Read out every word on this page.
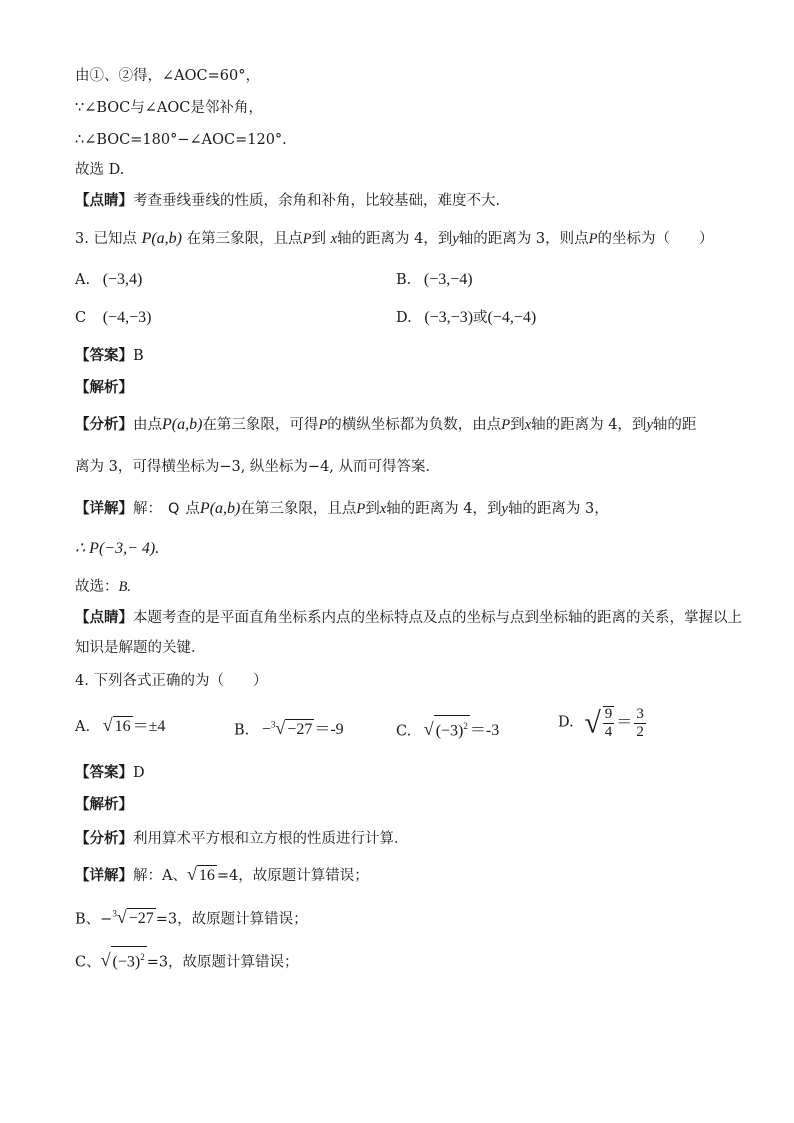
由①、②得，∠AOC=60°，
∵∠BOC与∠AOC是邻补角，
∴∠BOC=180°−∠AOC=120°.
故选 D.
【点睛】考查垂线垂线的性质，余角和补角，比较基础，难度不大.
3. 已知点 P(a,b) 在第三象限，且点P到 x轴的距离为 4，到y轴的距离为 3，则点P的坐标为（　　）
A. (−3,4)	B. (−3,−4)
C (−4,−3)	D. (−3,−3)或(−4,−4)
【答案】B
【解析】
【分析】由点P(a,b)在第三象限，可得P的横纵坐标都为负数，由点P到x轴的距离为 4，到y轴的距
离为 3，可得横坐标为−3, 纵坐标为−4, 从而可得答案．
【详解】解： Q 点P(a,b)在第三象限，且点P到x轴的距离为 4，到y轴的距离为 3，
∴ P(−3,− 4).
故选：B.
【点睛】本题考查的是平面直角坐标系内点的坐标特点及点的坐标与点到坐标轴的距离的关系，掌握以上
知识是解题的关键．
4. 下列各式正确的为（　　）
A. √ 16 ＝±4	B. −$^3$√ −27 ＝-9	C. √ $(-3)^2 =-3$	D. √ $\frac{9}{4} = \frac{3}{2}$
【答案】D
【解析】
【分析】利用算术平方根和立方根的性质进行计算．
【详解】解：A、√ 16 =4，故原题计算错误；
B、−$^3$√ −27 =3，故原题计算错误；
C、√ $(-3)^2 =3$，故原题计算错误；
